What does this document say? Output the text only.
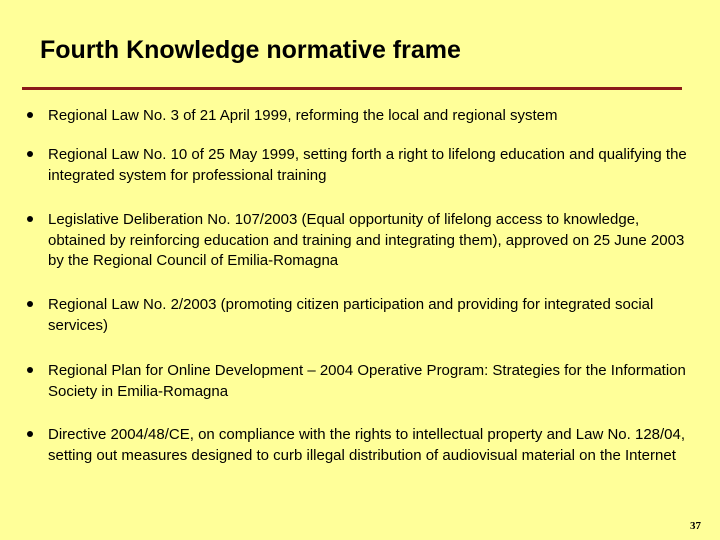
Fourth Knowledge normative frame

Regional Law No. 3 of 21 April 1999, reforming the local and regional system

Regional Law No. 10 of 25 May 1999, setting forth a right to lifelong education and qualifying the integrated system for professional training

Legislative Deliberation No. 107/2003 (Equal opportunity of lifelong access to knowledge, obtained by reinforcing education and training and integrating them), approved on 25 June 2003 by the Regional Council of Emilia-Romagna

Regional Law No. 2/2003 (promoting citizen participation and providing for integrated social services)

Regional Plan for Online Development – 2004 Operative Program: Strategies for the Information Society in Emilia-Romagna

Directive 2004/48/CE, on compliance with the rights to intellectual property and Law No. 128/04, setting out measures designed to curb illegal distribution of audiovisual material on the Internet

37
